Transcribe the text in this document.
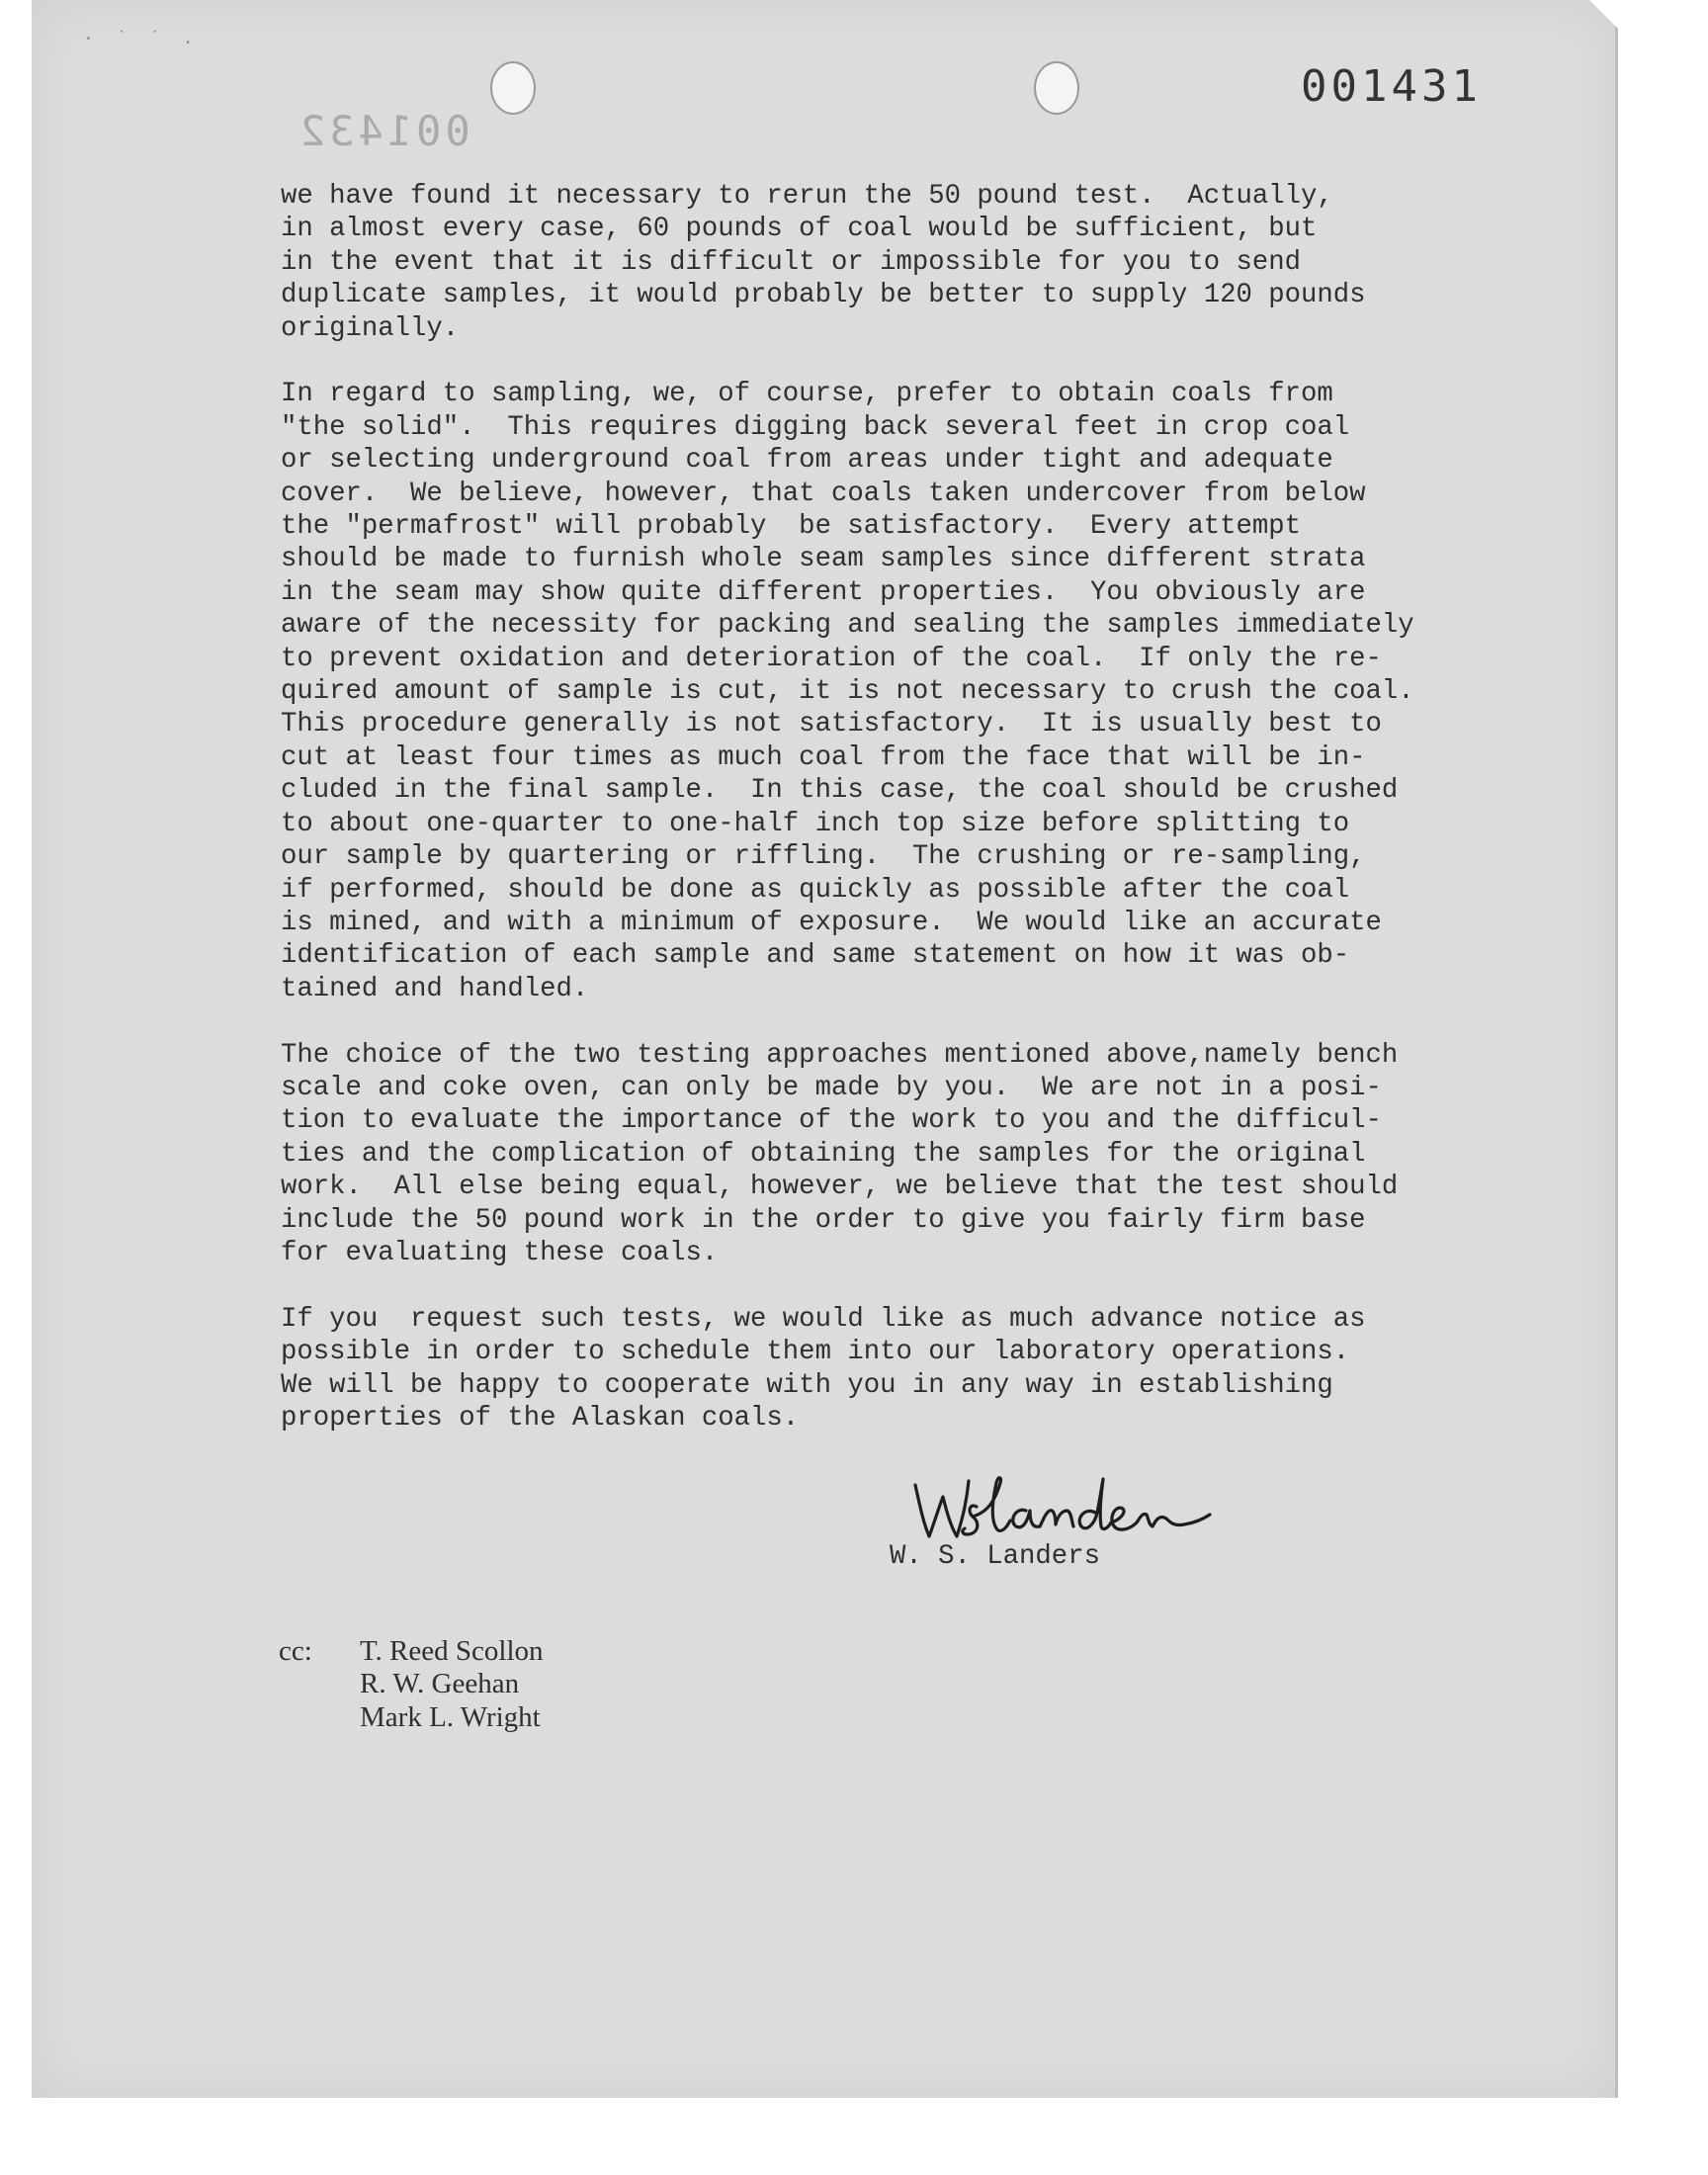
· ˙ ˙ .
001431
001432
we have found it necessary to rerun the 50 pound test.  Actually,
in almost every case, 60 pounds of coal would be sufficient, but
in the event that it is difficult or impossible for you to send
duplicate samples, it would probably be better to supply 120 pounds
originally.
In regard to sampling, we, of course, prefer to obtain coals from
"the solid".  This requires digging back several feet in crop coal
or selecting underground coal from areas under tight and adequate
cover.  We believe, however, that coals taken undercover from below
the "permafrost" will probably  be satisfactory.  Every attempt
should be made to furnish whole seam samples since different strata
in the seam may show quite different properties.  You obviously are
aware of the necessity for packing and sealing the samples immediately
to prevent oxidation and deterioration of the coal.  If only the re-
quired amount of sample is cut, it is not necessary to crush the coal.
This procedure generally is not satisfactory.  It is usually best to
cut at least four times as much coal from the face that will be in-
cluded in the final sample.  In this case, the coal should be crushed
to about one-quarter to one-half inch top size before splitting to
our sample by quartering or riffling.  The crushing or re-sampling,
if performed, should be done as quickly as possible after the coal
is mined, and with a minimum of exposure.  We would like an accurate
identification of each sample and same statement on how it was ob-
tained and handled.
The choice of the two testing approaches mentioned above,namely bench
scale and coke oven, can only be made by you.  We are not in a posi-
tion to evaluate the importance of the work to you and the difficul-
ties and the complication of obtaining the samples for the original
work.  All else being equal, however, we believe that the test should
include the 50 pound work in the order to give you fairly firm base
for evaluating these coals.
If you  request such tests, we would like as much advance notice as
possible in order to schedule them into our laboratory operations.
We will be happy to cooperate with you in any way in establishing
properties of the Alaskan coals.
W. S. Landers
cc:	T. Reed Scollon
R. W. Geehan
Mark L. Wright
